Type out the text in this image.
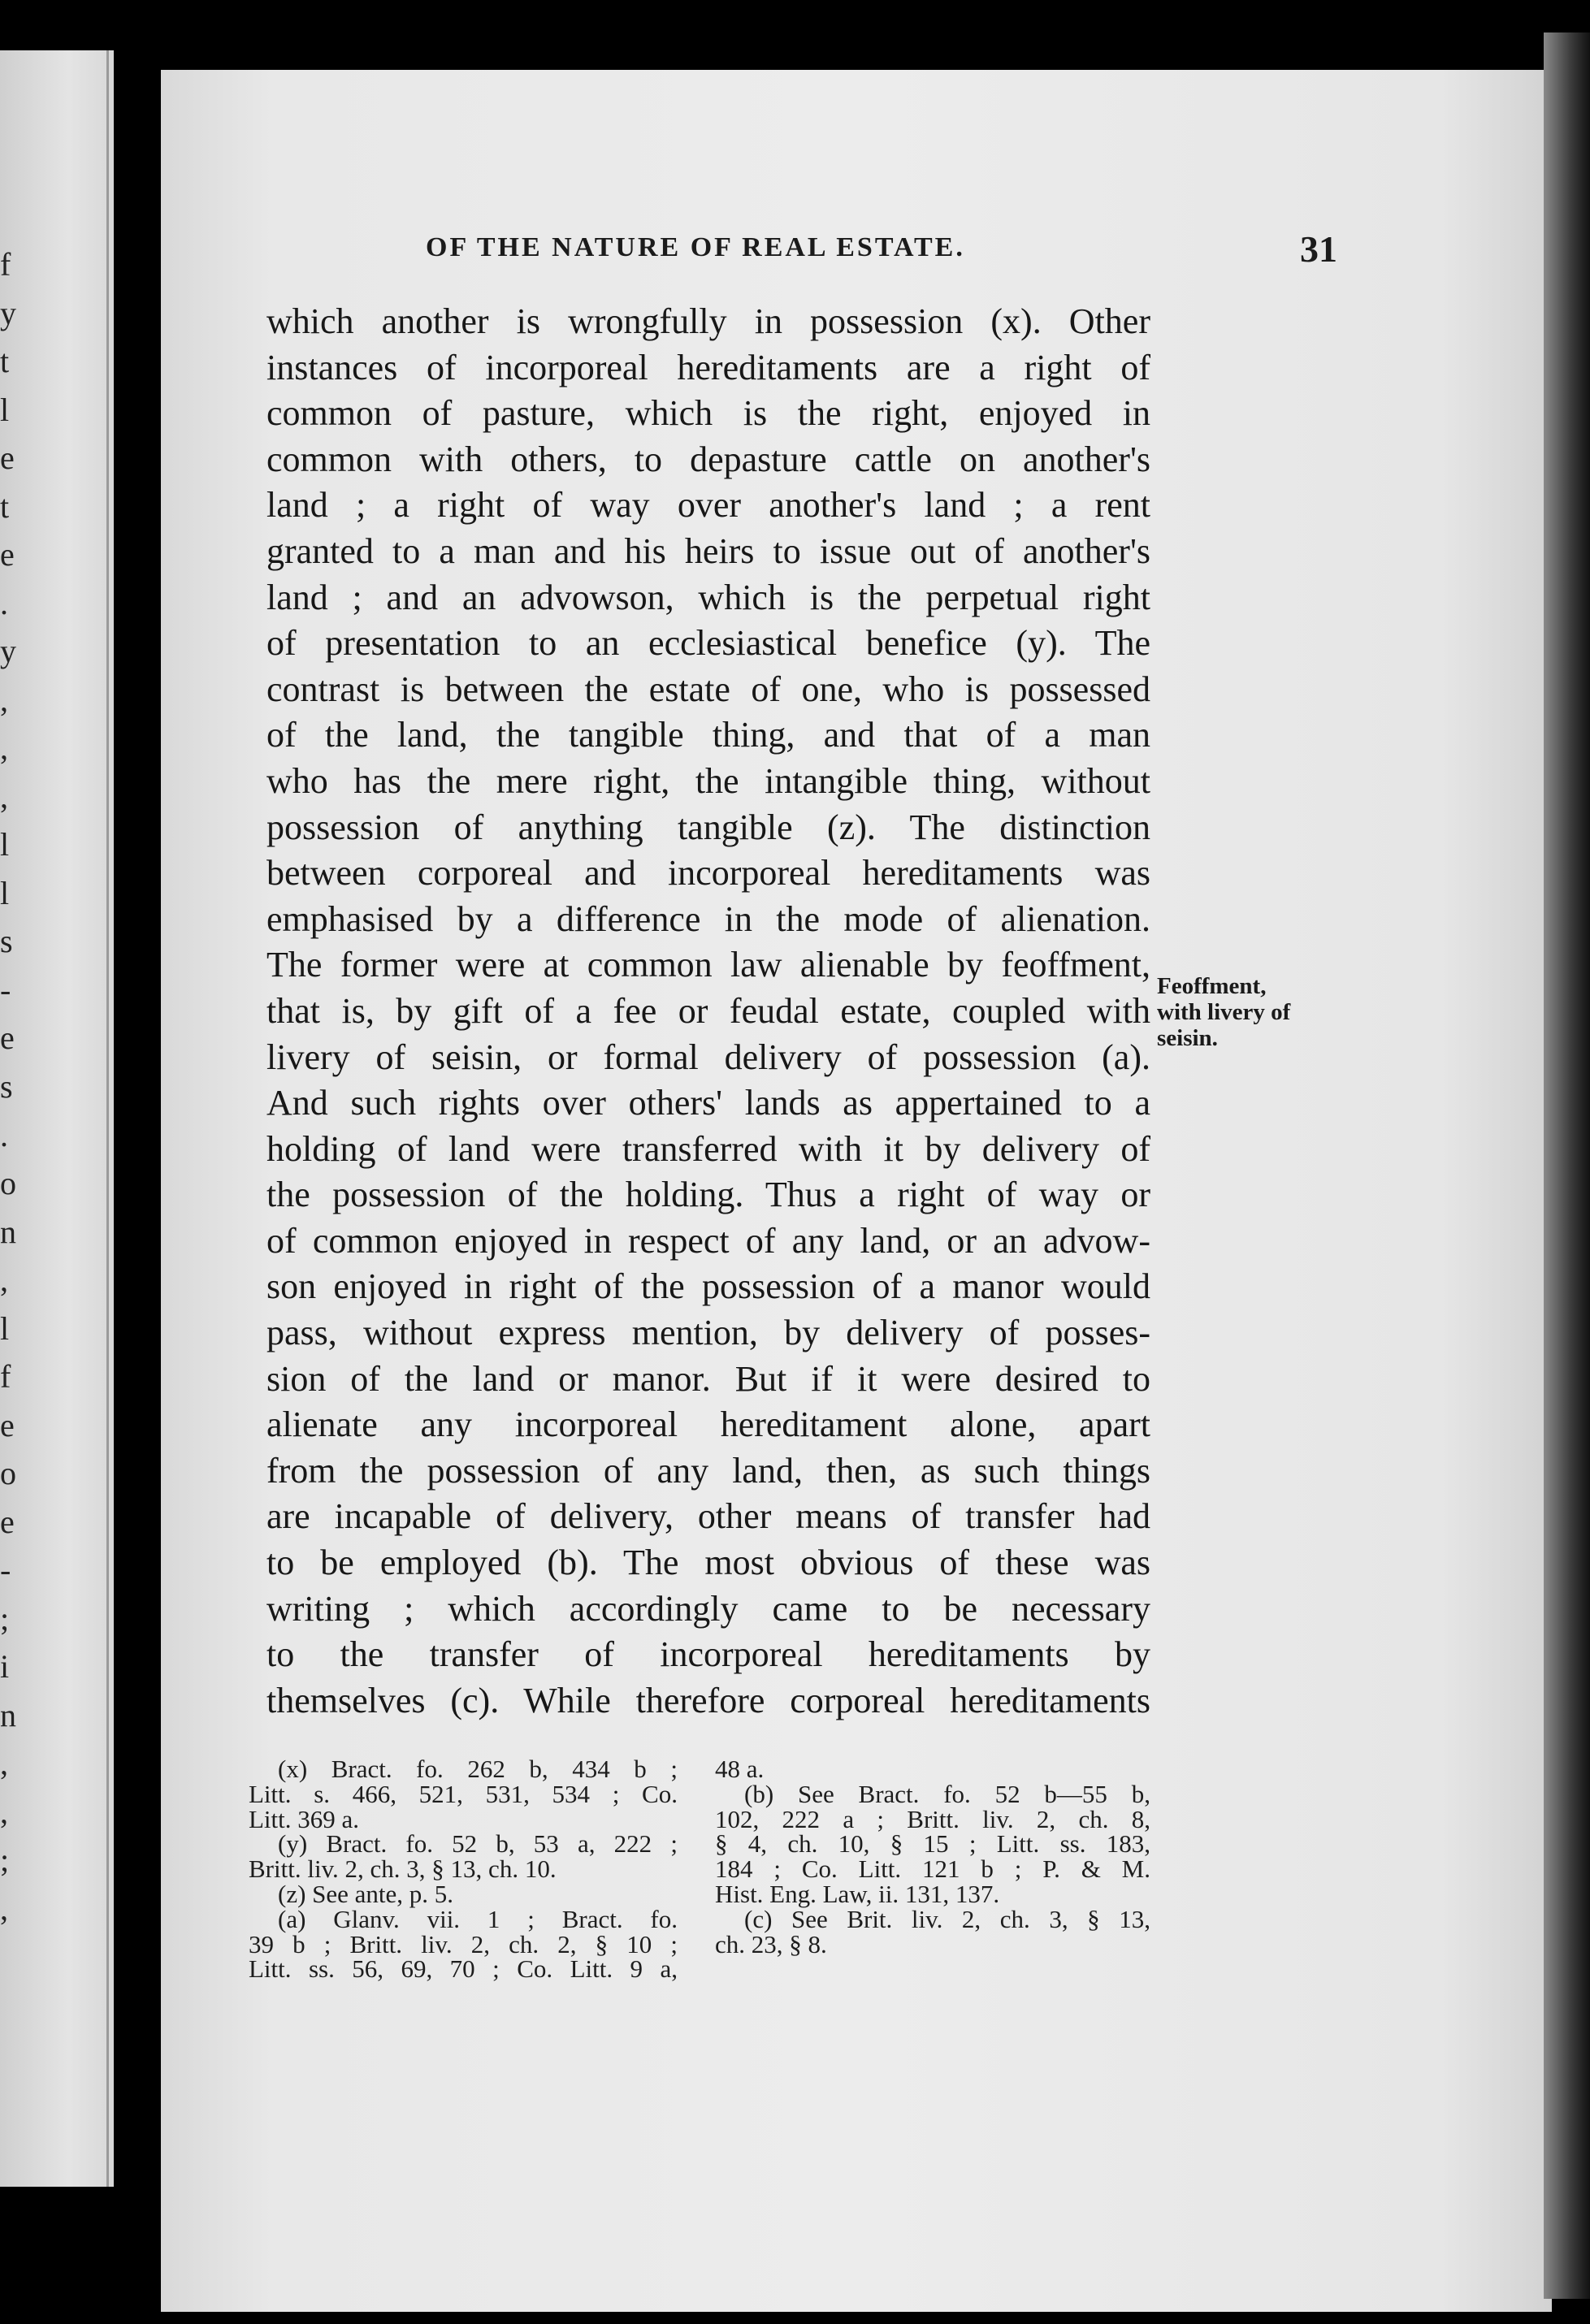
f
y
t
l
e
t
e
.
y
,
,
,
l
l
s
-
e
s
.
o
n
,
l
f
e
o
e
-
;
i
n
,
,
;
,
OF THE NATURE OF REAL ESTATE.	31
which another is wrongfully in possession (x). Other
instances of incorporeal hereditaments are a right of
common of pasture, which is the right, enjoyed in
common with others, to depasture cattle on another's
land ; a right of way over another's land ; a rent
granted to a man and his heirs to issue out of another's
land ; and an advowson, which is the perpetual right
of presentation to an ecclesiastical benefice (y). The
contrast is between the estate of one, who is possessed
of the land, the tangible thing, and that of a man
who has the mere right, the intangible thing, without
possession of anything tangible (z). The distinction
between corporeal and incorporeal hereditaments was
emphasised by a difference in the mode of alienation.
The former were at common law alienable by feoffment,
that is, by gift of a fee or feudal estate, coupled with
livery of seisin, or formal delivery of possession (a).
And such rights over others' lands as appertained to a
holding of land were transferred with it by delivery of
the possession of the holding. Thus a right of way or
of common enjoyed in respect of any land, or an advow-
son enjoyed in right of the possession of a manor would
pass, without express mention, by delivery of posses-
sion of the land or manor. But if it were desired to
alienate any incorporeal hereditament alone, apart
from the possession of any land, then, as such things
are incapable of delivery, other means of transfer had
to be employed (b). The most obvious of these was
writing ; which accordingly came to be necessary
to the transfer of incorporeal hereditaments by
themselves (c). While therefore corporeal hereditaments
Feoffment,
with livery of
seisin.
(x) Bract. fo. 262 b, 434 b ;
Litt. s. 466, 521, 531, 534 ; Co.
Litt. 369 a.
(y) Bract. fo. 52 b, 53 a, 222 ;
Britt. liv. 2, ch. 3, § 13, ch. 10.
(z) See ante, p. 5.
(a) Glanv. vii. 1 ; Bract. fo.
39 b ; Britt. liv. 2, ch. 2, § 10 ;
Litt. ss. 56, 69, 70 ; Co. Litt. 9 a,
48 a.
(b) See Bract. fo. 52 b—55 b,
102, 222 a ; Britt. liv. 2, ch. 8,
§ 4, ch. 10, § 15 ; Litt. ss. 183,
184 ; Co. Litt. 121 b ; P. & M.
Hist. Eng. Law, ii. 131, 137.
(c) See Brit. liv. 2, ch. 3, § 13,
ch. 23, § 8.
